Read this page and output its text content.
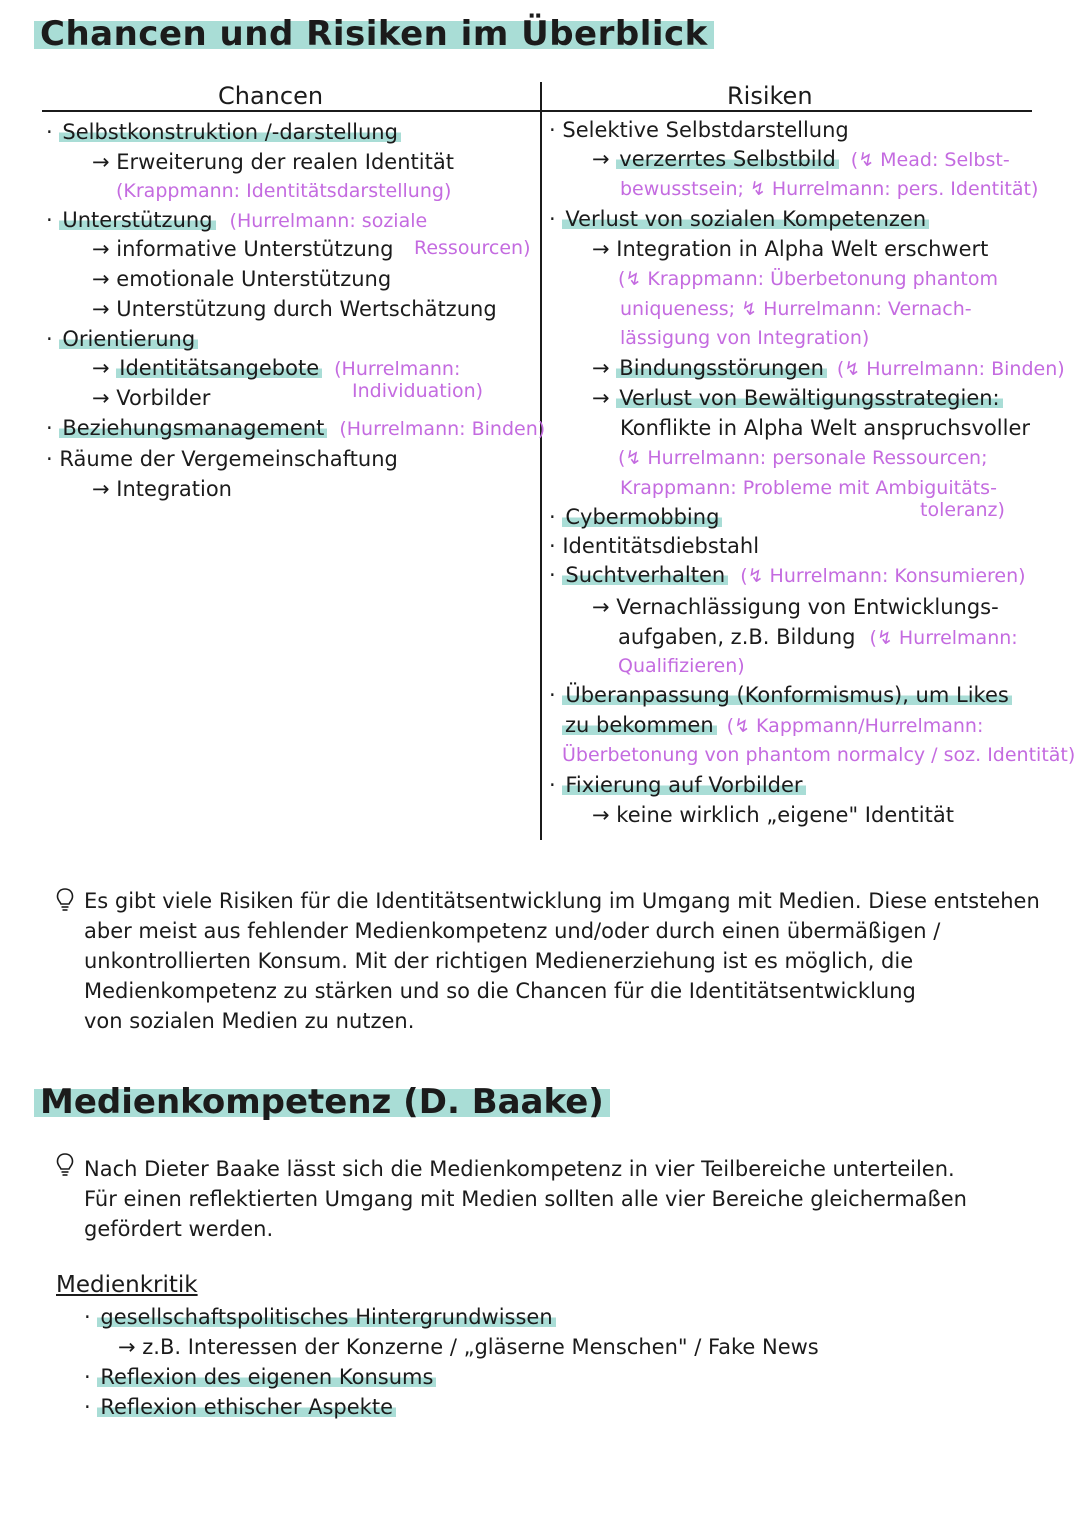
Chancen und Risiken im Überblick
Chancen	Risiken
· Selbstkonstruktion /-darstellung
→ Erweiterung der realen Identität
(Krappmann: Identitätsdarstellung)
· Unterstützung (Hurrelmann: soziale
→ informative Unterstützung Ressourcen)
→ emotionale Unterstützung
→ Unterstützung durch Wertschätzung
· Orientierung
→ Identitätsangebote (Hurrelmann:
→ Vorbilder	Individuation)
· Beziehungsmanagement (Hurrelmann: Binden)
· Räume der Vergemeinschaftung
→ Integration
· Selektive Selbstdarstellung
→ verzerrtes Selbstbild (↯ Mead: Selbst-
bewusstsein; ↯ Hurrelmann: pers. Identität)
· Verlust von sozialen Kompetenzen
→ Integration in Alpha Welt erschwert
(↯ Krappmann: Überbetonung phantom
uniqueness; ↯ Hurrelmann: Vernach-
lässigung von Integration)
→ Bindungsstörungen (↯ Hurrelmann: Binden)
→ Verlust von Bewältigungsstrategien:
Konflikte in Alpha Welt anspruchsvoller
(↯ Hurrelmann: personale Ressourcen;
Krappmann: Probleme mit Ambiguitäts-
toleranz)
· Cybermobbing
· Identitätsdiebstahl
· Suchtverhalten (↯ Hurrelmann: Konsumieren)
→ Vernachlässigung von Entwicklungs-
aufgaben, z.B. Bildung (↯ Hurrelmann:
Qualifizieren)
· Überanpassung (Konformismus), um Likes
zu bekommen (↯ Kappmann/Hurrelmann:
Überbetonung von phantom normalcy / soz. Identität)
· Fixierung auf Vorbilder
→ keine wirklich „eigene" Identität
Es gibt viele Risiken für die Identitätsentwicklung im Umgang mit Medien. Diese entstehen
aber meist aus fehlender Medienkompetenz und/oder durch einen übermäßigen /
unkontrollierten Konsum. Mit der richtigen Medienerziehung ist es möglich, die
Medienkompetenz zu stärken und so die Chancen für die Identitätsentwicklung
von sozialen Medien zu nutzen.
Medienkompetenz (D. Baake)
Nach Dieter Baake lässt sich die Medienkompetenz in vier Teilbereiche unterteilen.
Für einen reflektierten Umgang mit Medien sollten alle vier Bereiche gleichermaßen
gefördert werden.
Medienkritik
· gesellschaftspolitisches Hintergrundwissen
→ z.B. Interessen der Konzerne / „gläserne Menschen" / Fake News
· Reflexion des eigenen Konsums
· Reflexion ethischer Aspekte
